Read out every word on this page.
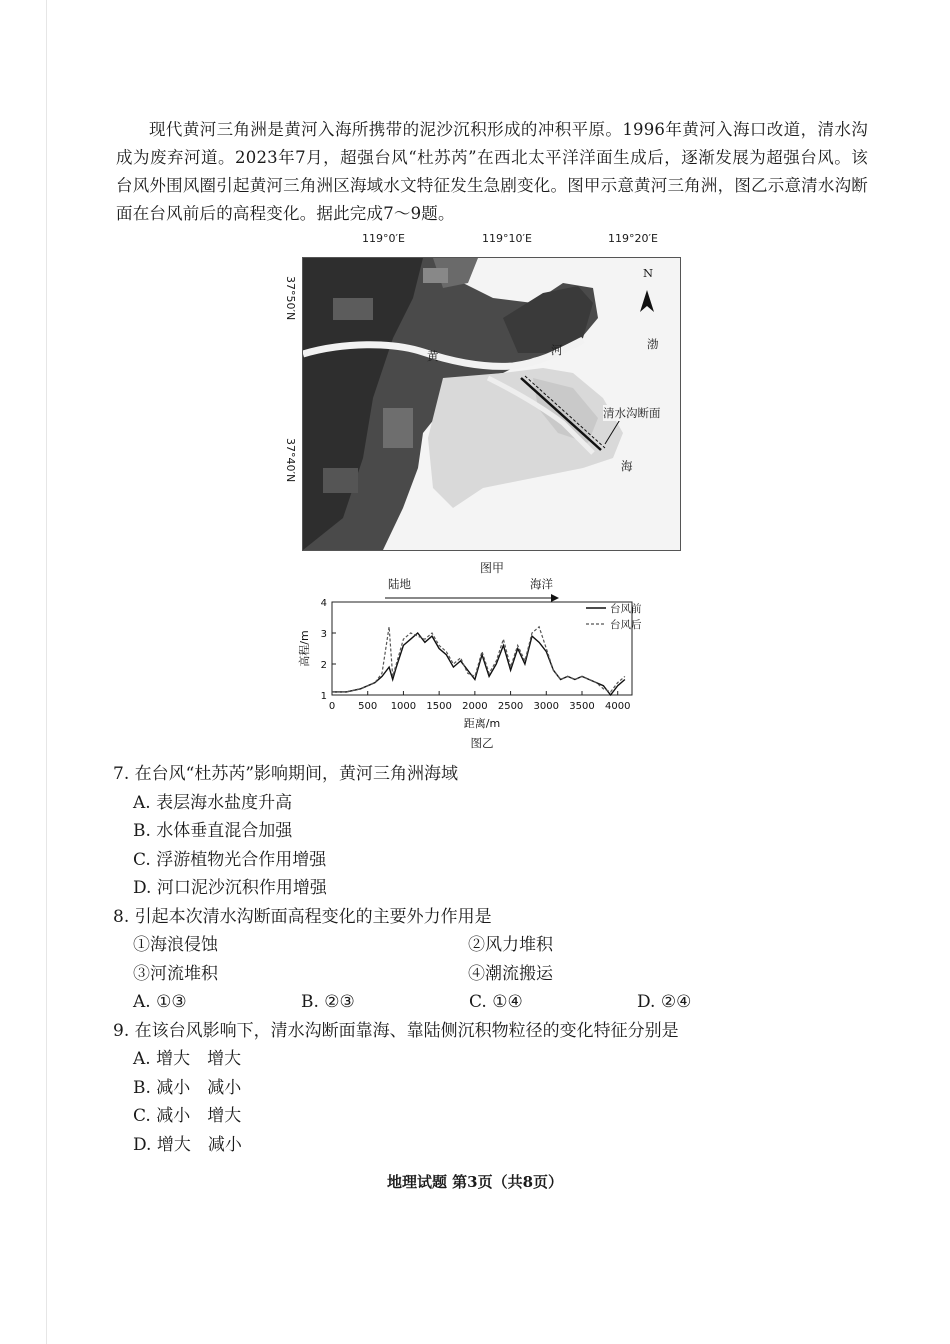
现代黄河三角洲是黄河入海所携带的泥沙沉积形成的冲积平原。1996年黄河入海口改道，清水沟成为废弃河道。2023年7月，超强台风“杜苏芮”在西北太平洋洋面生成后，逐渐发展为超强台风。该台风外围风圈引起黄河三角洲区海域水文特征发生急剧变化。图甲示意黄河三角洲，图乙示意清水沟断面在台风前后的高程变化。据此完成7～9题。

119°0′E	119°10′E	119°20′E
37°50′N
37°40′N
N
渤
海
黄	河
清水沟断面
图甲
0 500 1000 1500 2000 2500 3000 3500 4000
1
2
3
4	台风前
台风后
陆地	海洋
距离/m
高程/m
图乙

7. 在台风“杜苏芮”影响期间，黄河三角洲海域

A. 表层海水盐度升高

B. 水体垂直混合加强

C. 浮游植物光合作用增强

D. 河口泥沙沉积作用增强

8. 引起本次清水沟断面高程变化的主要外力作用是

①海浪侵蚀	②风力堆积
③河流堆积	④潮流搬运
A. ①③	B. ②③	C. ①④	D. ②④

9. 在该台风影响下，清水沟断面靠海、靠陆侧沉积物粒径的变化特征分别是

A. 增大　增大

B. 减小　减小

C. 减小　增大

D. 增大　减小

地理试题 第3页（共8页）
